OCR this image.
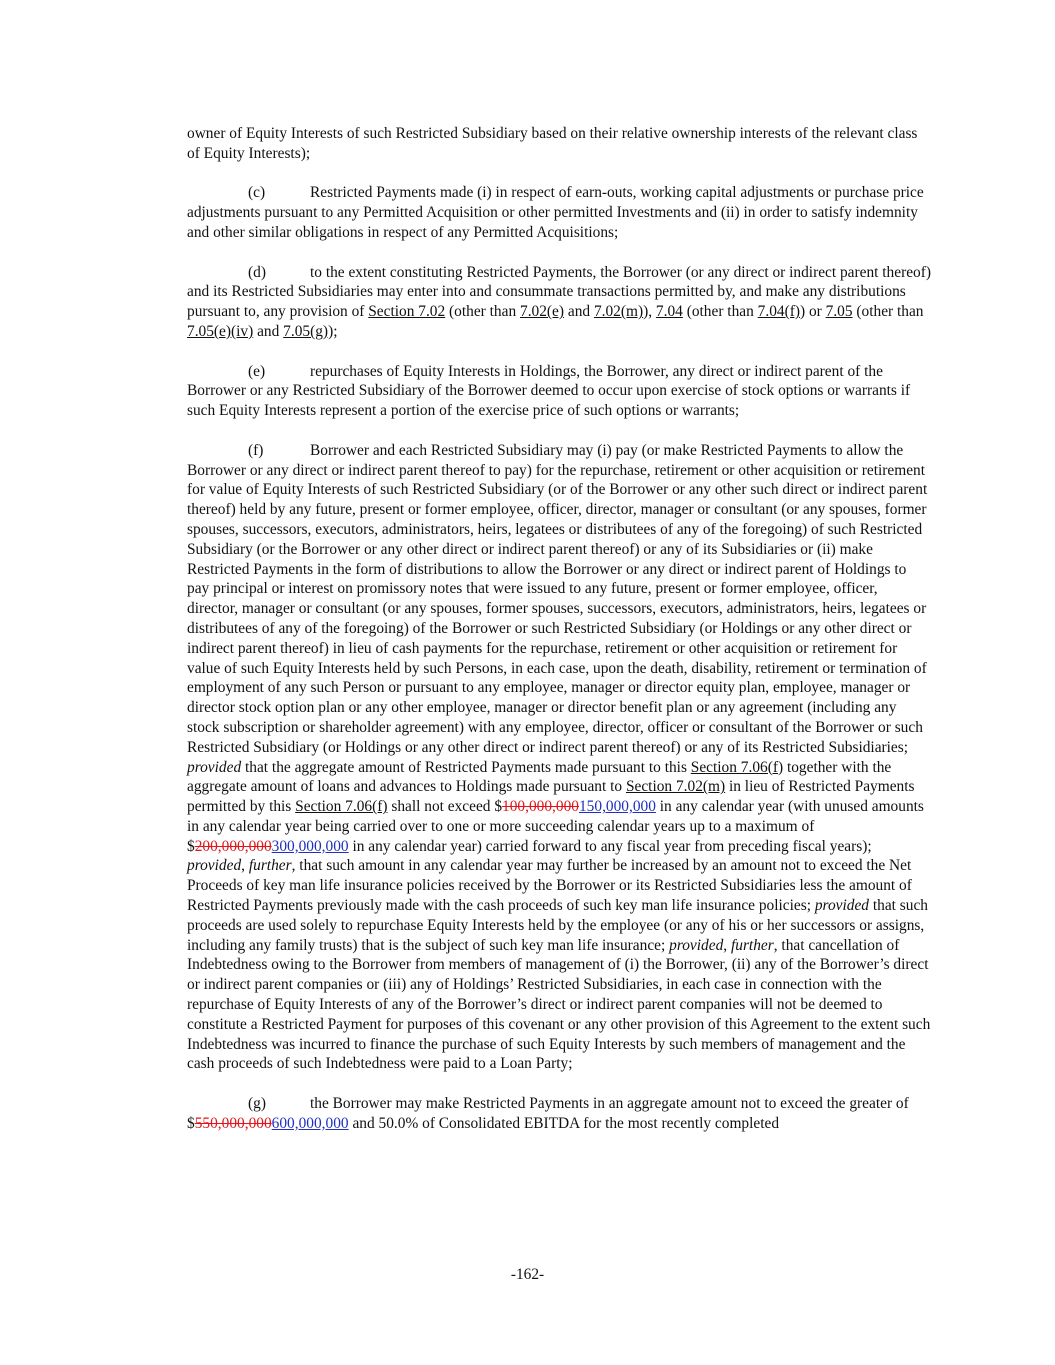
owner of Equity Interests of such Restricted Subsidiary based on their relative ownership interests of the relevant class of Equity Interests);

(c)	Restricted Payments made (i) in respect of earn-outs, working capital adjustments or purchase price adjustments pursuant to any Permitted Acquisition or other permitted Investments and (ii) in order to satisfy indemnity and other similar obligations in respect of any Permitted Acquisitions;

(d)	to the extent constituting Restricted Payments, the Borrower (or any direct or indirect parent thereof) and its Restricted Subsidiaries may enter into and consummate transactions permitted by, and make any distributions pursuant to, any provision of Section 7.02 (other than 7.02(e) and 7.02(m)), 7.04 (other than 7.04(f)) or 7.05 (other than 7.05(e)(iv) and 7.05(g));

(e)	repurchases of Equity Interests in Holdings, the Borrower, any direct or indirect parent of the Borrower or any Restricted Subsidiary of the Borrower deemed to occur upon exercise of stock options or warrants if such Equity Interests represent a portion of the exercise price of such options or warrants;

(f)	Borrower and each Restricted Subsidiary may (i) pay (or make Restricted Payments to allow the Borrower or any direct or indirect parent thereof to pay) for the repurchase, retirement or other acquisition or retirement for value of Equity Interests of such Restricted Subsidiary (or of the Borrower or any other such direct or indirect parent thereof) held by any future, present or former employee, officer, director, manager or consultant (or any spouses, former spouses, successors, executors, administrators, heirs, legatees or distributees of any of the foregoing) of such Restricted Subsidiary (or the Borrower or any other direct or indirect parent thereof) or any of its Subsidiaries or (ii) make Restricted Payments in the form of distributions to allow the Borrower or any direct or indirect parent of Holdings to pay principal or interest on promissory notes that were issued to any future, present or former employee, officer, director, manager or consultant (or any spouses, former spouses, successors, executors, administrators, heirs, legatees or distributees of any of the foregoing) of the Borrower or such Restricted Subsidiary (or Holdings or any other direct or indirect parent thereof) in lieu of cash payments for the repurchase, retirement or other acquisition or retirement for value of such Equity Interests held by such Persons, in each case, upon the death, disability, retirement or termination of employment of any such Person or pursuant to any employee, manager or director equity plan, employee, manager or director stock option plan or any other employee, manager or director benefit plan or any agreement (including any stock subscription or shareholder agreement) with any employee, director, officer or consultant of the Borrower or such Restricted Subsidiary (or Holdings or any other direct or indirect parent thereof) or any of its Restricted Subsidiaries; provided that the aggregate amount of Restricted Payments made pursuant to this Section 7.06(f) together with the aggregate amount of loans and advances to Holdings made pursuant to Section 7.02(m) in lieu of Restricted Payments permitted by this Section 7.06(f) shall not exceed $100,000,000150,000,000 in any calendar year (with unused amounts in any calendar year being carried over to one or more succeeding calendar years up to a maximum of $200,000,000300,000,000 in any calendar year) carried forward to any fiscal year from preceding fiscal years); provided, further, that such amount in any calendar year may further be increased by an amount not to exceed the Net Proceeds of key man life insurance policies received by the Borrower or its Restricted Subsidiaries less the amount of Restricted Payments previously made with the cash proceeds of such key man life insurance policies; provided that such proceeds are used solely to repurchase Equity Interests held by the employee (or any of his or her successors or assigns, including any family trusts) that is the subject of such key man life insurance; provided, further, that cancellation of Indebtedness owing to the Borrower from members of management of (i) the Borrower, (ii) any of the Borrower’s direct or indirect parent companies or (iii) any of Holdings’ Restricted Subsidiaries, in each case in connection with the repurchase of Equity Interests of any of the Borrower’s direct or indirect parent companies will not be deemed to constitute a Restricted Payment for purposes of this covenant or any other provision of this Agreement to the extent such Indebtedness was incurred to finance the purchase of such Equity Interests by such members of management and the cash proceeds of such Indebtedness were paid to a Loan Party;

(g)	the Borrower may make Restricted Payments in an aggregate amount not to exceed the greater of $550,000,000600,000,000 and 50.0% of Consolidated EBITDA for the most recently completed

-162-
